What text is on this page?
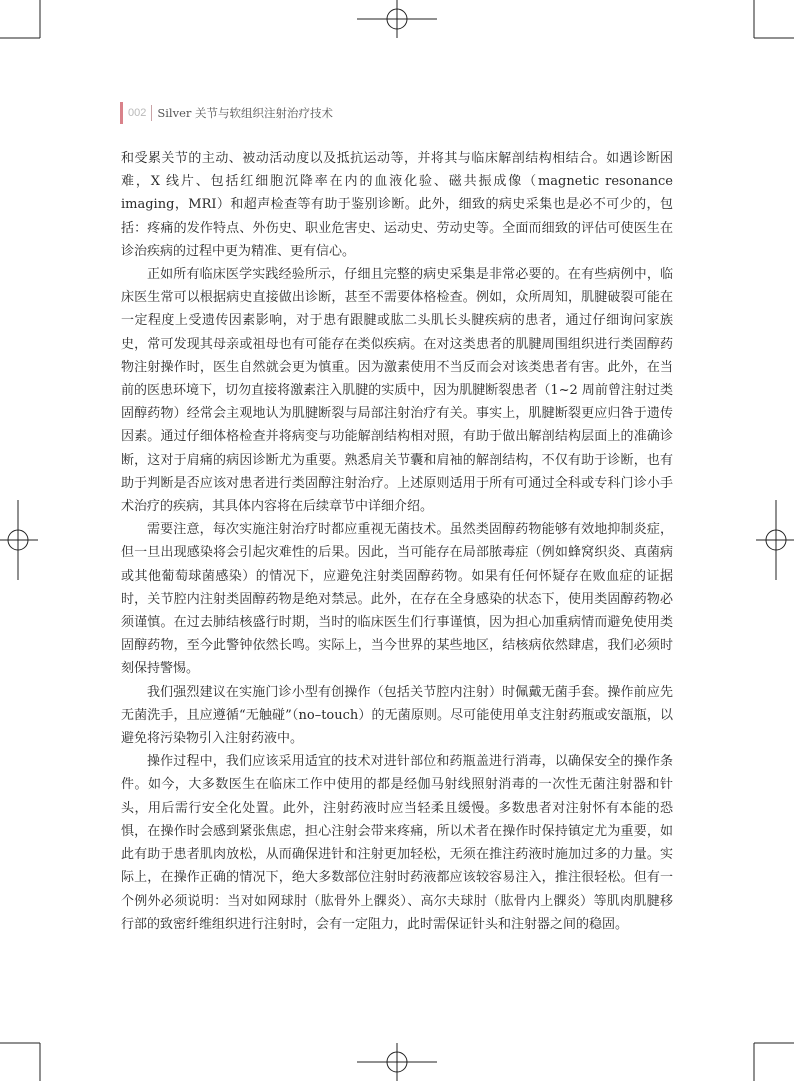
002 Silver 关节与软组织注射治疗技术

和受累关节的主动、被动活动度以及抵抗运动等，并将其与临床解剖结构相结合。如遇诊断困难，X 线片、包括红细胞沉降率在内的血液化验、磁共振成像（magnetic resonance imaging，MRI）和超声检查等有助于鉴别诊断。此外，细致的病史采集也是必不可少的，包括：疼痛的发作特点、外伤史、职业危害史、运动史、劳动史等。全面而细致的评估可使医生在诊治疾病的过程中更为精准、更有信心。

正如所有临床医学实践经验所示，仔细且完整的病史采集是非常必要的。在有些病例中，临床医生常可以根据病史直接做出诊断，甚至不需要体格检查。例如，众所周知，肌腱破裂可能在一定程度上受遗传因素影响，对于患有跟腱或肱二头肌长头腱疾病的患者，通过仔细询问家族史，常可发现其母亲或祖母也有可能存在类似疾病。在对这类患者的肌腱周围组织进行类固醇药物注射操作时，医生自然就会更为慎重。因为激素使用不当反而会对该类患者有害。此外，在当前的医患环境下，切勿直接将激素注入肌腱的实质中，因为肌腱断裂患者（1~2 周前曾注射过类固醇药物）经常会主观地认为肌腱断裂与局部注射治疗有关。事实上，肌腱断裂更应归咎于遗传因素。通过仔细体格检查并将病变与功能解剖结构相对照，有助于做出解剖结构层面上的准确诊断，这对于肩痛的病因诊断尤为重要。熟悉肩关节囊和肩袖的解剖结构，不仅有助于诊断，也有助于判断是否应该对患者进行类固醇注射治疗。上述原则适用于所有可通过全科或专科门诊小手术治疗的疾病，其具体内容将在后续章节中详细介绍。

需要注意，每次实施注射治疗时都应重视无菌技术。虽然类固醇药物能够有效地抑制炎症，但一旦出现感染将会引起灾难性的后果。因此，当可能存在局部脓毒症（例如蜂窝织炎、真菌病或其他葡萄球菌感染）的情况下，应避免注射类固醇药物。如果有任何怀疑存在败血症的证据时，关节腔内注射类固醇药物是绝对禁忌。此外，在存在全身感染的状态下，使用类固醇药物必须谨慎。在过去肺结核盛行时期，当时的临床医生们行事谨慎，因为担心加重病情而避免使用类固醇药物，至今此警钟依然长鸣。实际上，当今世界的某些地区，结核病依然肆虐，我们必须时刻保持警惕。

我们强烈建议在实施门诊小型有创操作（包括关节腔内注射）时佩戴无菌手套。操作前应先无菌洗手，且应遵循“无触碰”（no–touch）的无菌原则。尽可能使用单支注射药瓶或安瓿瓶，以避免将污染物引入注射药液中。

操作过程中，我们应该采用适宜的技术对进针部位和药瓶盖进行消毒，以确保安全的操作条件。如今，大多数医生在临床工作中使用的都是经伽马射线照射消毒的一次性无菌注射器和针头，用后需行安全化处置。此外，注射药液时应当轻柔且缓慢。多数患者对注射怀有本能的恐惧，在操作时会感到紧张焦虑，担心注射会带来疼痛，所以术者在操作时保持镇定尤为重要，如此有助于患者肌肉放松，从而确保进针和注射更加轻松，无须在推注药液时施加过多的力量。实际上，在操作正确的情况下，绝大多数部位注射时药液都应该较容易注入，推注很轻松。但有一个例外必须说明：当对如网球肘（肱骨外上髁炎）、高尔夫球肘（肱骨内上髁炎）等肌肉肌腱移行部的致密纤维组织进行注射时，会有一定阻力，此时需保证针头和注射器之间的稳固。
